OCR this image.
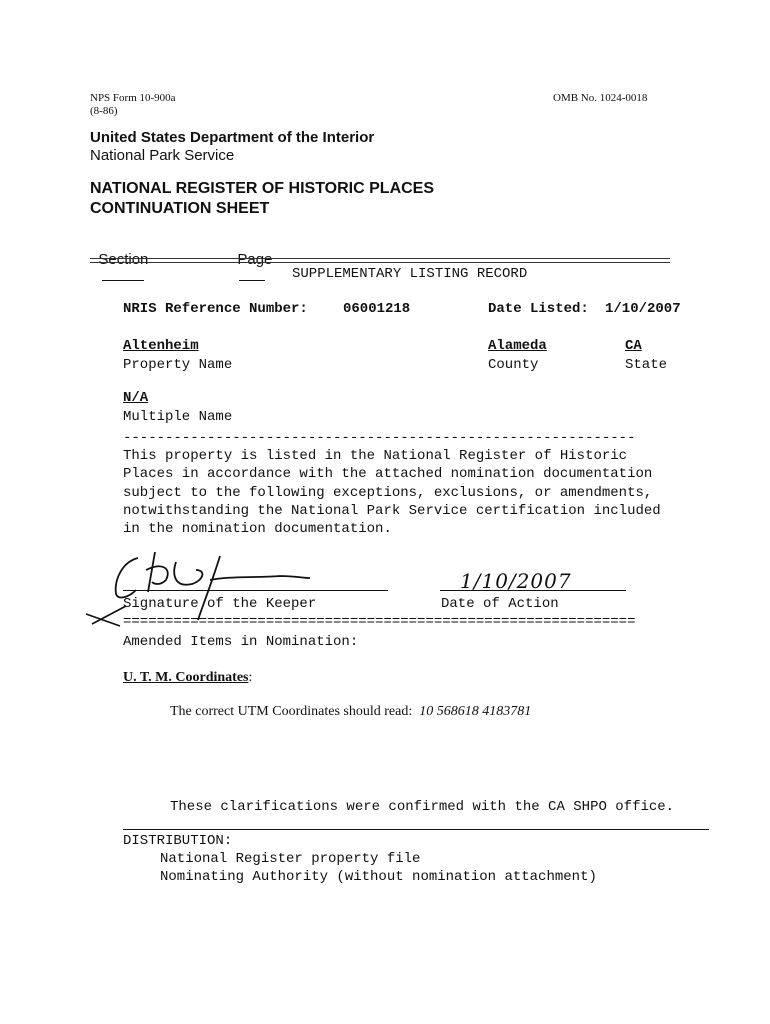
NPS Form 10-900a
(8-86)
OMB No. 1024-0018
United States Department of the Interior
National Park Service
NATIONAL REGISTER OF HISTORIC PLACES
CONTINUATION SHEET

Section
	Page

SUPPLEMENTARY LISTING RECORD
NRIS Reference Number:	06001218	Date Listed: 1/10/2007
Altenheim
Property Name
Alameda
County
CA
State
N/A
Multiple Name
-------------------------------------------------------------
This property is listed in the National Register of Historic
Places in accordance with the attached nomination documentation
subject to the following exceptions, exclusions, or amendments,
notwithstanding the National Park Service certification included
in the nomination documentation.
Signature of the Keeper
1/10/2007
Date of Action
=============================================================
Amended Items in Nomination:
U. T. M. Coordinates:
The correct UTM Coordinates should read: 10 568618 4183781
These clarifications were confirmed with the CA SHPO office.
DISTRIBUTION:
National Register property file
Nominating Authority (without nomination attachment)
